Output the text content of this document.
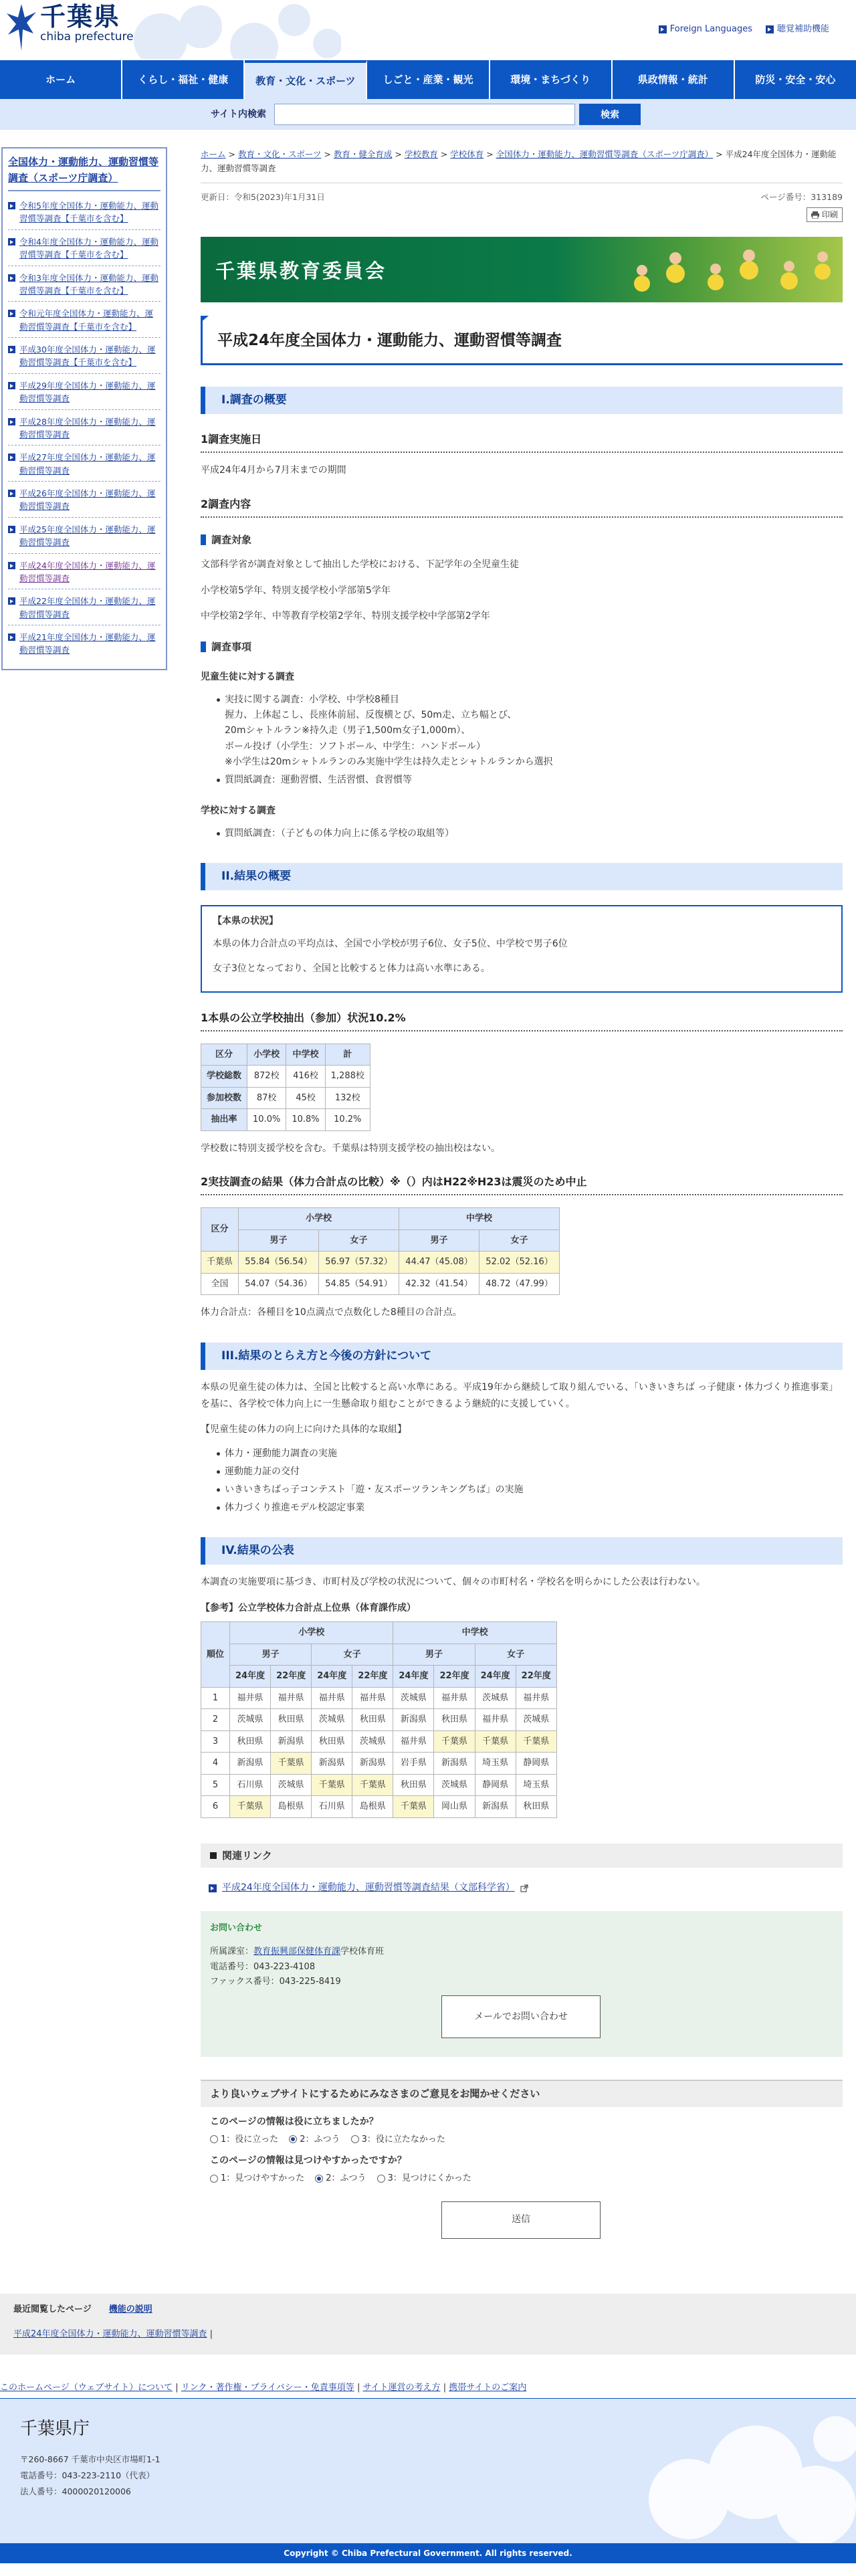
千葉県
chiba prefecture
Foreign Languages	聴覚補助機能
ホーム	くらし・福祉・健康	教育・文化・スポーツ	しごと・産業・観光	環境・まちづくり	県政情報・統計	防災・安全・安心
サイト内検索	検索
全国体力・運動能力、運動習慣等調査（スポーツ庁調査）
令和5年度全国体力・運動能力、運動習慣等調査【千葉市を含む】
令和4年度全国体力・運動能力、運動習慣等調査【千葉市を含む】
令和3年度全国体力・運動能力、運動習慣等調査【千葉市を含む】
令和元年度全国体力・運動能力、運動習慣等調査【千葉市を含む】
平成30年度全国体力・運動能力、運動習慣等調査【千葉市を含む】
平成29年度全国体力・運動能力、運動習慣等調査
平成28年度全国体力・運動能力、運動習慣等調査
平成27年度全国体力・運動能力、運動習慣等調査
平成26年度全国体力・運動能力、運動習慣等調査
平成25年度全国体力・運動能力、運動習慣等調査
平成24年度全国体力・運動能力、運動習慣等調査
平成22年度全国体力・運動能力、運動習慣等調査
平成21年度全国体力・運動能力、運動習慣等調査
ホーム > 教育・文化・スポーツ > 教育・健全育成 > 学校教育 > 学校体育 > 全国体力・運動能力、運動習慣等調査（スポーツ庁調査） > 平成24年度全国体力・運動能力、運動習慣等調査
更新日：令和5(2023)年1月31日	ページ番号：313189
印刷
千葉県教育委員会
平成24年度全国体力・運動能力、運動習慣等調査
I.調査の概要
1調査実施日

平成24年4月から7月末までの期間

2調査内容
調査対象

文部科学省が調査対象として抽出した学校における、下記学年の全児童生徒

小学校第5学年、特別支援学校小学部第5学年

中学校第2学年、中等教育学校第2学年、特別支援学校中学部第2学年

調査事項
児童生徒に対する調査
実技に関する調査：小学校、中学校8種目
握力、上体起こし、長座体前屈、反復横とび、50m走、立ち幅とび、
20mシャトルラン※持久走（男子1,500m女子1,000m）、
ボール投げ（小学生：ソフトボール、中学生：ハンドボール）
※小学生は20mシャトルランのみ実施中学生は持久走とシャトルランから選択
質問紙調査：運動習慣、生活習慣、食習慣等
学校に対する調査
質問紙調査：（子どもの体力向上に係る学校の取組等）
II.結果の概要
【本県の状況】

本県の体力合計点の平均点は、全国で小学校が男子6位、女子5位、中学校で男子6位

女子3位となっており、全国と比較すると体力は高い水準にある。

1本県の公立学校抽出（参加）状況10.2%
区分	小学校	中学校	計
学校総数	872校	416校	1,288校
参加校数	87校	45校	132校
抽出率	10.0%	10.8%	10.2%

学校数に特別支援学校を含む。千葉県は特別支援学校の抽出校はない。

2実技調査の結果（体力合計点の比較）※（）内はH22※H23は震災のため中止
区分	小学校		中学校	
	男子	女子	男子	女子
千葉県	55.84（56.54）	56.97（57.32）	44.47（45.08）	52.02（52.16）
全国	54.07（54.36）	54.85（54.91）	42.32（41.54）	48.72（47.99）

体力合計点：各種目を10点満点で点数化した8種目の合計点。

III.結果のとらえ方と今後の方針について

本県の児童生徒の体力は、全国と比較すると高い水準にある。平成19年から継続して取り組んでいる、「いきいきちば っ子健康・体力づくり推進事業」を基に、各学校で体力向上に一生懸命取り組むことができるよう継続的に支援していく。

【児童生徒の体力の向上に向けた具体的な取組】

体力・運動能力調査の実施
運動能力証の交付
いきいきちばっ子コンテスト「遊・友スポーツランキングちば」の実施
体力づくり推進モデル校認定事業
IV.結果の公表

本調査の実施要項に基づき、市町村及び学校の状況について、個々の市町村名・学校名を明らかにした公表は行わない。

【参考】公立学校体力合計点上位県（体育課作成）

順位	小学校				中学校			
	男子		女子		男子		女子	
	24年度	22年度	24年度	22年度	24年度	22年度	24年度	22年度
1	福井県	福井県	福井県	福井県	茨城県	福井県	茨城県	福井県
2	茨城県	秋田県	茨城県	秋田県	新潟県	秋田県	福井県	茨城県
3	秋田県	新潟県	秋田県	茨城県	福井県	千葉県	千葉県	千葉県
4	新潟県	千葉県	新潟県	新潟県	岩手県	新潟県	埼玉県	静岡県
5	石川県	茨城県	千葉県	千葉県	秋田県	茨城県	静岡県	埼玉県
6	千葉県	島根県	石川県	島根県	千葉県	岡山県	新潟県	秋田県
関連リンク
平成24年度全国体力・運動能力、運動習慣等調査結果（文部科学省）
お問い合わせ
所属課室：教育振興部保健体育課学校体育班
電話番号：043-223-4108
ファックス番号：043-225-8419
メールでお問い合わせ
より良いウェブサイトにするためにみなさまのご意見をお聞かせください
このページの情報は役に立ちましたか？
1：役に立った 2：ふつう 3：役に立たなかった
このページの情報は見つけやすかったですか？
1：見つけやすかった 2：ふつう 3：見つけにくかった
送信
最近閲覧したページ 機能の説明
平成24年度全国体力・運動能力、運動習慣等調査 |
このホームページ（ウェブサイト）について | リンク・著作権・プライバシー・免責事項等 | サイト運営の考え方 | 携帯サイトのご案内
千葉県庁
〒260-8667 千葉市中央区市場町1-1
電話番号：043-223-2110（代表）
法人番号：4000020120006
Copyright © Chiba Prefectural Government. All rights reserved.
